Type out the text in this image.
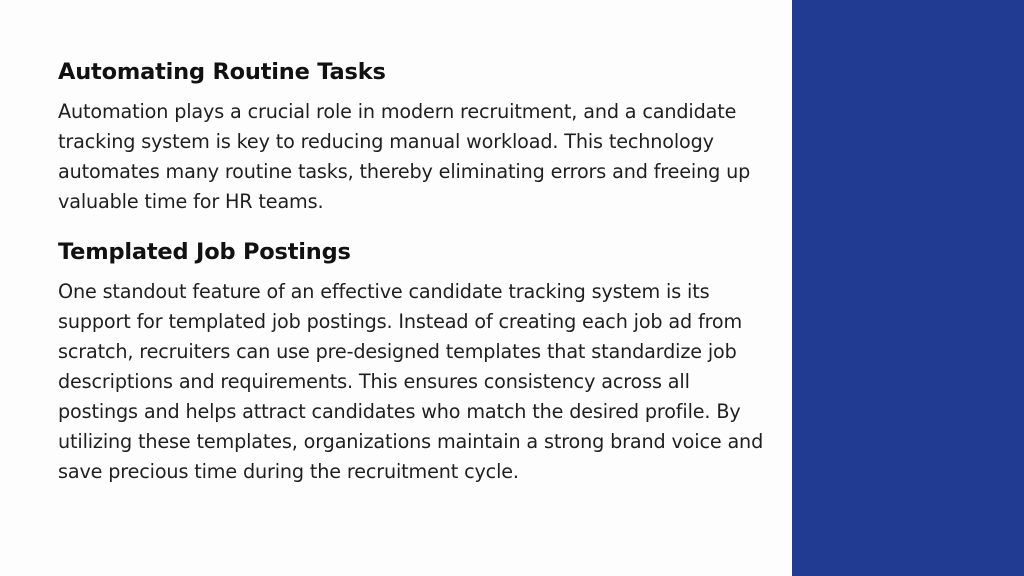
Automating Routine Tasks

Automation plays a crucial role in modern recruitment, and a candidate tracking system is key to reducing manual workload. This technology automates many routine tasks, thereby eliminating errors and freeing up valuable time for HR teams.

Templated Job Postings

One standout feature of an effective candidate tracking system is its support for templated job postings. Instead of creating each job ad from scratch, recruiters can use pre-designed templates that standardize job descriptions and requirements. This ensures consistency across all postings and helps attract candidates who match the desired profile. By utilizing these templates, organizations maintain a strong brand voice and save precious time during the recruitment cycle.
